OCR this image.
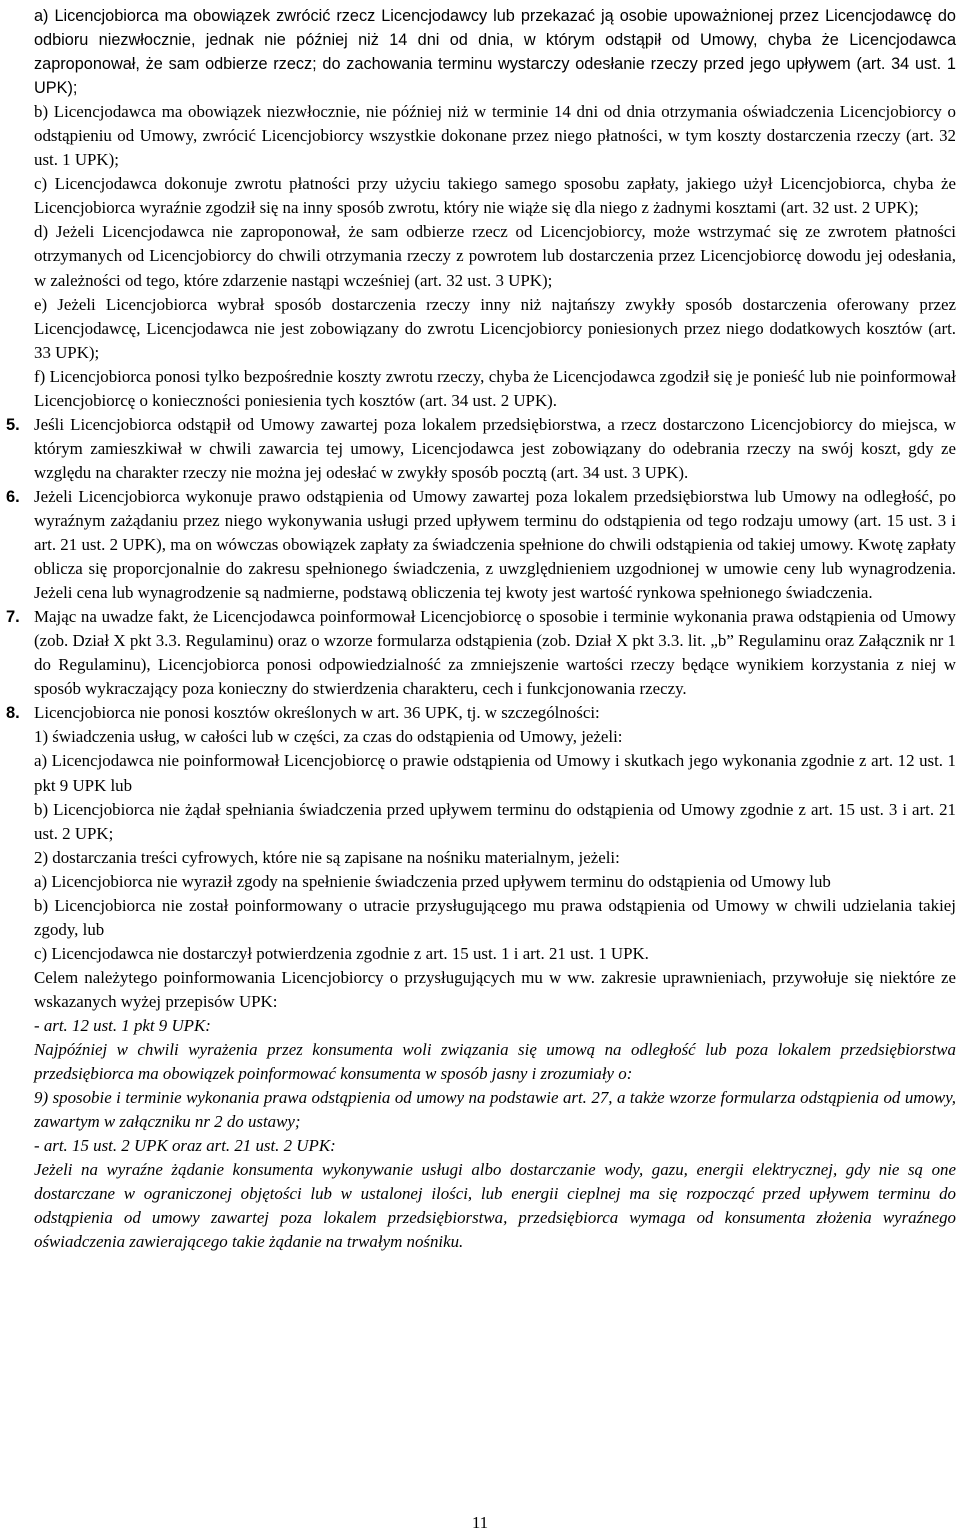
a) Licencjobiorca ma obowiązek zwrócić rzecz Licencjodawcy lub przekazać ją osobie upoważnionej przez Licencjodawcę do odbioru niezwłocznie, jednak nie później niż 14 dni od dnia, w którym odstąpił od Umowy, chyba że Licencjodawca zaproponował, że sam odbierze rzecz; do zachowania terminu wystarczy odesłanie rzeczy przed jego upływem (art. 34 ust. 1 UPK);

b) Licencjodawca ma obowiązek niezwłocznie, nie później niż w terminie 14 dni od dnia otrzymania oświadczenia Licencjobiorcy o odstąpieniu od Umowy, zwrócić Licencjobiorcy wszystkie dokonane przez niego płatności, w tym koszty dostarczenia rzeczy (art. 32 ust. 1 UPK);

c) Licencjodawca dokonuje zwrotu płatności przy użyciu takiego samego sposobu zapłaty, jakiego użył Licencjobiorca, chyba że Licencjobiorca wyraźnie zgodził się na inny sposób zwrotu, który nie wiąże się dla niego z żadnymi kosztami (art. 32 ust. 2 UPK);

d) Jeżeli Licencjodawca nie zaproponował, że sam odbierze rzecz od Licencjobiorcy, może wstrzymać się ze zwrotem płatności otrzymanych od Licencjobiorcy do chwili otrzymania rzeczy z powrotem lub dostarczenia przez Licencjobiorcę dowodu jej odesłania, w zależności od tego, które zdarzenie nastąpi wcześniej (art. 32 ust. 3 UPK);

e) Jeżeli Licencjobiorca wybrał sposób dostarczenia rzeczy inny niż najtańszy zwykły sposób dostarczenia oferowany przez Licencjodawcę, Licencjodawca nie jest zobowiązany do zwrotu Licencjobiorcy poniesionych przez niego dodatkowych kosztów (art. 33 UPK);

f) Licencjobiorca ponosi tylko bezpośrednie koszty zwrotu rzeczy, chyba że Licencjodawca zgodził się je ponieść lub nie poinformował Licencjobiorcę o konieczności poniesienia tych kosztów (art. 34 ust. 2 UPK).

5. Jeśli Licencjobiorca odstąpił od Umowy zawartej poza lokalem przedsiębiorstwa, a rzecz dostarczono Licencjobiorcy do miejsca, w którym zamieszkiwał w chwili zawarcia tej umowy, Licencjodawca jest zobowiązany do odebrania rzeczy na swój koszt, gdy ze względu na charakter rzeczy nie można jej odesłać w zwykły sposób pocztą (art. 34 ust. 3 UPK).

6. Jeżeli Licencjobiorca wykonuje prawo odstąpienia od Umowy zawartej poza lokalem przedsiębiorstwa lub Umowy na odległość, po wyraźnym zażądaniu przez niego wykonywania usługi przed upływem terminu do odstąpienia od tego rodzaju umowy (art. 15 ust. 3 i art. 21 ust. 2 UPK), ma on wówczas obowiązek zapłaty za świadczenia spełnione do chwili odstąpienia od takiej umowy. Kwotę zapłaty oblicza się proporcjonalnie do zakresu spełnionego świadczenia, z uwzględnieniem uzgodnionej w umowie ceny lub wynagrodzenia. Jeżeli cena lub wynagrodzenie są nadmierne, podstawą obliczenia tej kwoty jest wartość rynkowa spełnionego świadczenia.

7. Mając na uwadze fakt, że Licencjodawca poinformował Licencjobiorcę o sposobie i terminie wykonania prawa odstąpienia od Umowy (zob. Dział X pkt 3.3. Regulaminu) oraz o wzorze formularza odstąpienia (zob. Dział X pkt 3.3. lit. „b” Regulaminu oraz Załącznik nr 1 do Regulaminu), Licencjobiorca ponosi odpowiedzialność za zmniejszenie wartości rzeczy będące wynikiem korzystania z niej w sposób wykraczający poza konieczny do stwierdzenia charakteru, cech i funkcjonowania rzeczy.

8. Licencjobiorca nie ponosi kosztów określonych w art. 36 UPK, tj. w szczególności:

1) świadczenia usług, w całości lub w części, za czas do odstąpienia od Umowy, jeżeli:

a) Licencjodawca nie poinformował Licencjobiorcę o prawie odstąpienia od Umowy i skutkach jego wykonania zgodnie z art. 12 ust. 1 pkt 9 UPK lub

b) Licencjobiorca nie żądał spełniania świadczenia przed upływem terminu do odstąpienia od Umowy zgodnie z art. 15 ust. 3 i art. 21 ust. 2 UPK;

2) dostarczania treści cyfrowych, które nie są zapisane na nośniku materialnym, jeżeli:

a) Licencjobiorca nie wyraził zgody na spełnienie świadczenia przed upływem terminu do odstąpienia od Umowy lub

b) Licencjobiorca nie został poinformowany o utracie przysługującego mu prawa odstąpienia od Umowy w chwili udzielania takiej zgody, lub

c) Licencjodawca nie dostarczył potwierdzenia zgodnie z art. 15 ust. 1 i art. 21 ust. 1 UPK.

Celem należytego poinformowania Licencjobiorcy o przysługujących mu w ww. zakresie uprawnieniach, przywołuje się niektóre ze wskazanych wyżej przepisów UPK:

- art. 12 ust. 1 pkt 9 UPK:

Najpóźniej w chwili wyrażenia przez konsumenta woli związania się umową na odległość lub poza lokalem przedsiębiorstwa przedsiębiorca ma obowiązek poinformować konsumenta w sposób jasny i zrozumiały o:

9) sposobie i terminie wykonania prawa odstąpienia od umowy na podstawie art. 27, a także wzorze formularza odstąpienia od umowy, zawartym w załączniku nr 2 do ustawy;

- art. 15 ust. 2 UPK oraz art. 21 ust. 2 UPK:

Jeżeli na wyraźne żądanie konsumenta wykonywanie usługi albo dostarczanie wody, gazu, energii elektrycznej, gdy nie są one dostarczane w ograniczonej objętości lub w ustalonej ilości, lub energii cieplnej ma się rozpocząć przed upływem terminu do odstąpienia od umowy zawartej poza lokalem przedsiębiorstwa, przedsiębiorca wymaga od konsumenta złożenia wyraźnego oświadczenia zawierającego takie żądanie na trwałym nośniku.

11
